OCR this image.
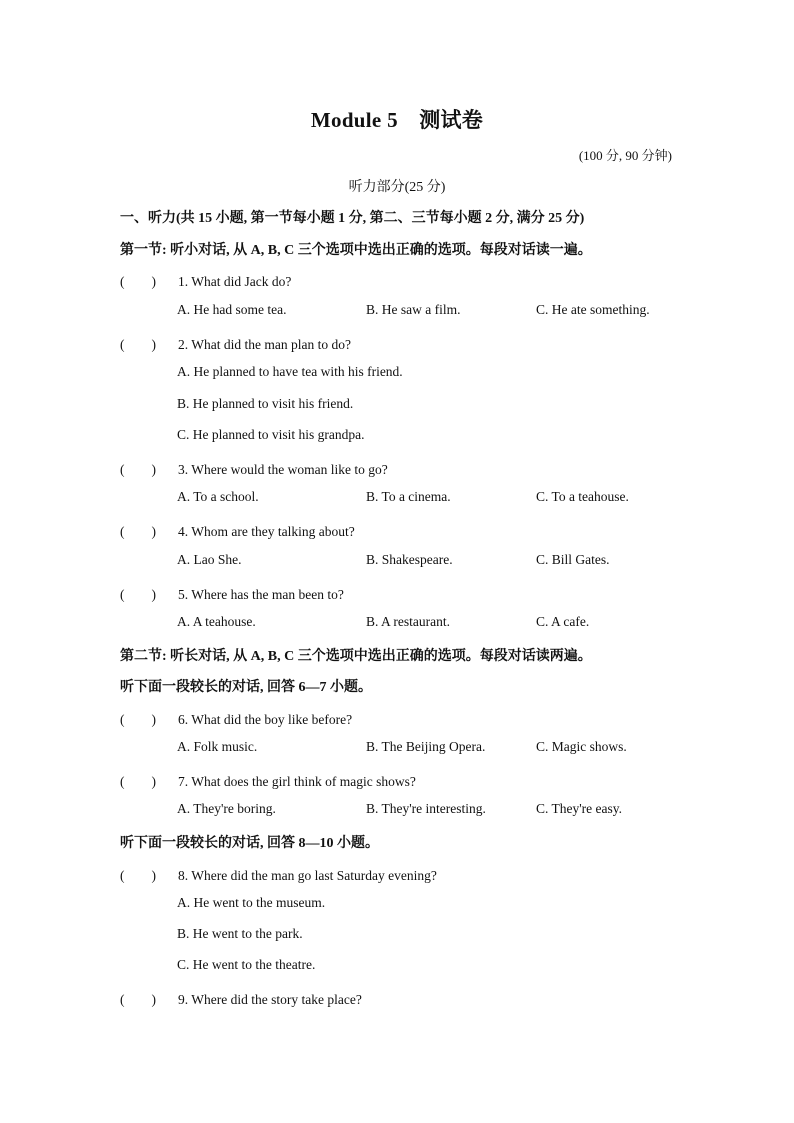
Module 5　测试卷
(100 分, 90 分钟)
听力部分(25 分)
一、听力(共 15 小题, 第一节每小题 1 分, 第二、三节每小题 2 分, 满分 25 分)
第一节: 听小对话, 从 A, B, C 三个选项中选出正确的选项。每段对话读一遍。
(　　) 1. What did Jack do?
A. He had some tea.	B. He saw a film.	C. He ate something.
(　　) 2. What did the man plan to do?
A. He planned to have tea with his friend.
B. He planned to visit his friend.
C. He planned to visit his grandpa.
(　　) 3. Where would the woman like to go?
A. To a school.	B. To a cinema.	C. To a teahouse.
(　　) 4. Whom are they talking about?
A. Lao She.	B. Shakespeare.	C. Bill Gates.
(　　) 5. Where has the man been to?
A. A teahouse.	B. A restaurant.	C. A cafe.
第二节: 听长对话, 从 A, B, C 三个选项中选出正确的选项。每段对话读两遍。
听下面一段较长的对话, 回答 6—7 小题。
(　　) 6. What did the boy like before?
A. Folk music.	B. The Beijing Opera.	C. Magic shows.
(　　) 7. What does the girl think of magic shows?
A. They're boring.	B. They're interesting.	C. They're easy.
听下面一段较长的对话, 回答 8—10 小题。
(　　) 8. Where did the man go last Saturday evening?
A. He went to the museum.
B. He went to the park.
C. He went to the theatre.
(　　) 9. Where did the story take place?
